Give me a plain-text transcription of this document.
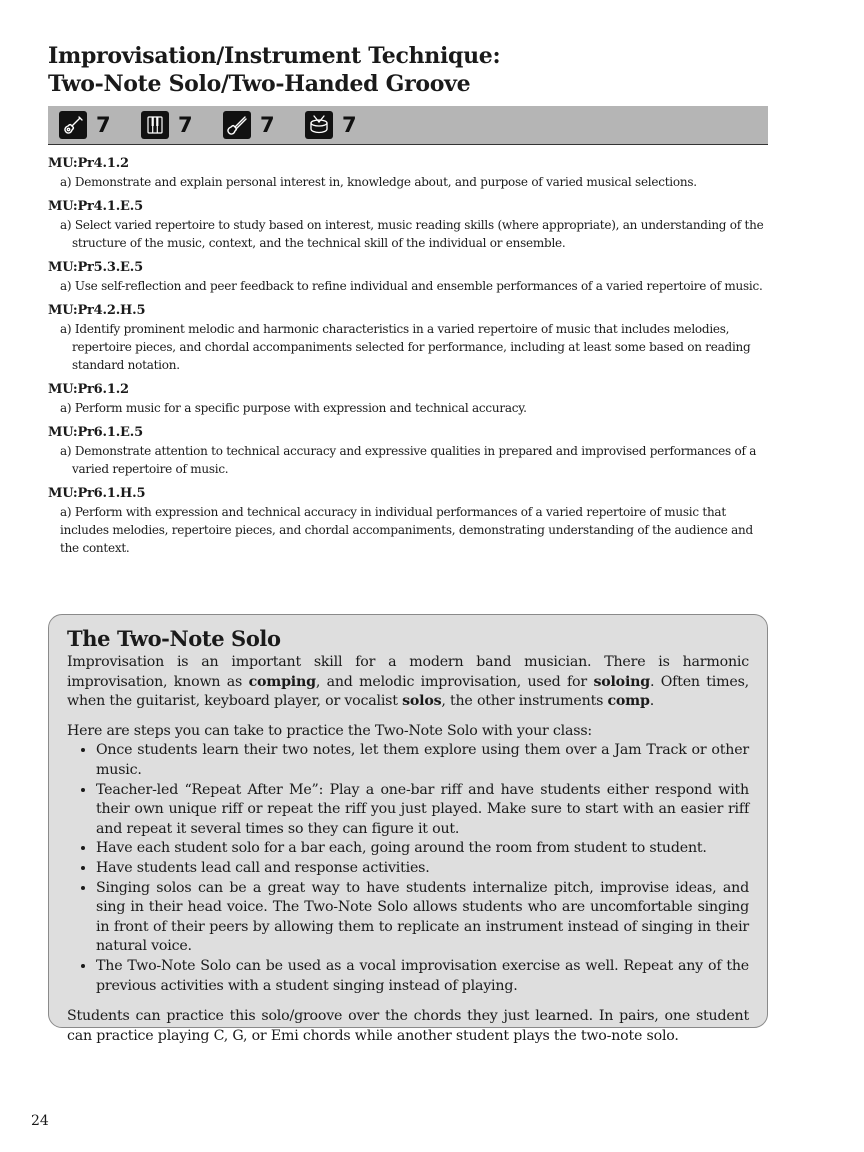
Improvisation/Instrument Technique:
Two-Note Solo/Two-Handed Groove
7	7	7	7
MU:Pr4.1.2
a) Demonstrate and explain personal interest in, knowledge about, and purpose of varied musical selections.
MU:Pr4.1.E.5
a) Select varied repertoire to study based on interest, music reading skills (where appropriate), an understanding of the structure of the music, context, and the technical skill of the individual or ensemble.
MU:Pr5.3.E.5
a) Use self-reflection and peer feedback to refine individual and ensemble performances of a varied repertoire of music.
MU:Pr4.2.H.5
a) Identify prominent melodic and harmonic characteristics in a varied repertoire of music that includes melodies, repertoire pieces, and chordal accompaniments selected for performance, including at least some based on reading standard notation.
MU:Pr6.1.2
a) Perform music for a specific purpose with expression and technical accuracy.
MU:Pr6.1.E.5
a) Demonstrate attention to technical accuracy and expressive qualities in prepared and improvised performances of a varied repertoire of music.
MU:Pr6.1.H.5
a) Perform with expression and technical accuracy in individual performances of a varied repertoire of music that includes melodies, repertoire pieces, and chordal accompaniments, demonstrating understanding of the audience and the context.
The Two-Note Solo

Improvisation is an important skill for a modern band musician. There is harmonic improvisation, known as comping, and melodic improvisation, used for soloing. Often times, when the guitarist, keyboard player, or vocalist solos, the other instruments comp.

Here are steps you can take to practice the Two-Note Solo with your class:

• Once students learn their two notes, let them explore using them over a Jam Track or other music.
• Teacher-led “Repeat After Me”: Play a one-bar riff and have students either respond with their own unique riff or repeat the riff you just played. Make sure to start with an easier riff and repeat it several times so they can figure it out.
• Have each student solo for a bar each, going around the room from student to student.
• Have students lead call and response activities.
• Singing solos can be a great way to have students internalize pitch, improvise ideas, and sing in their head voice. The Two-Note Solo allows students who are uncomfortable singing in front of their peers by allowing them to replicate an instrument instead of singing in their natural voice.
• The Two-Note Solo can be used as a vocal improvisation exercise as well. Repeat any of the previous activities with a student singing instead of playing.

Students can practice this solo/groove over the chords they just learned. In pairs, one student can practice playing C, G, or Emi chords while another student plays the two-note solo.

24
